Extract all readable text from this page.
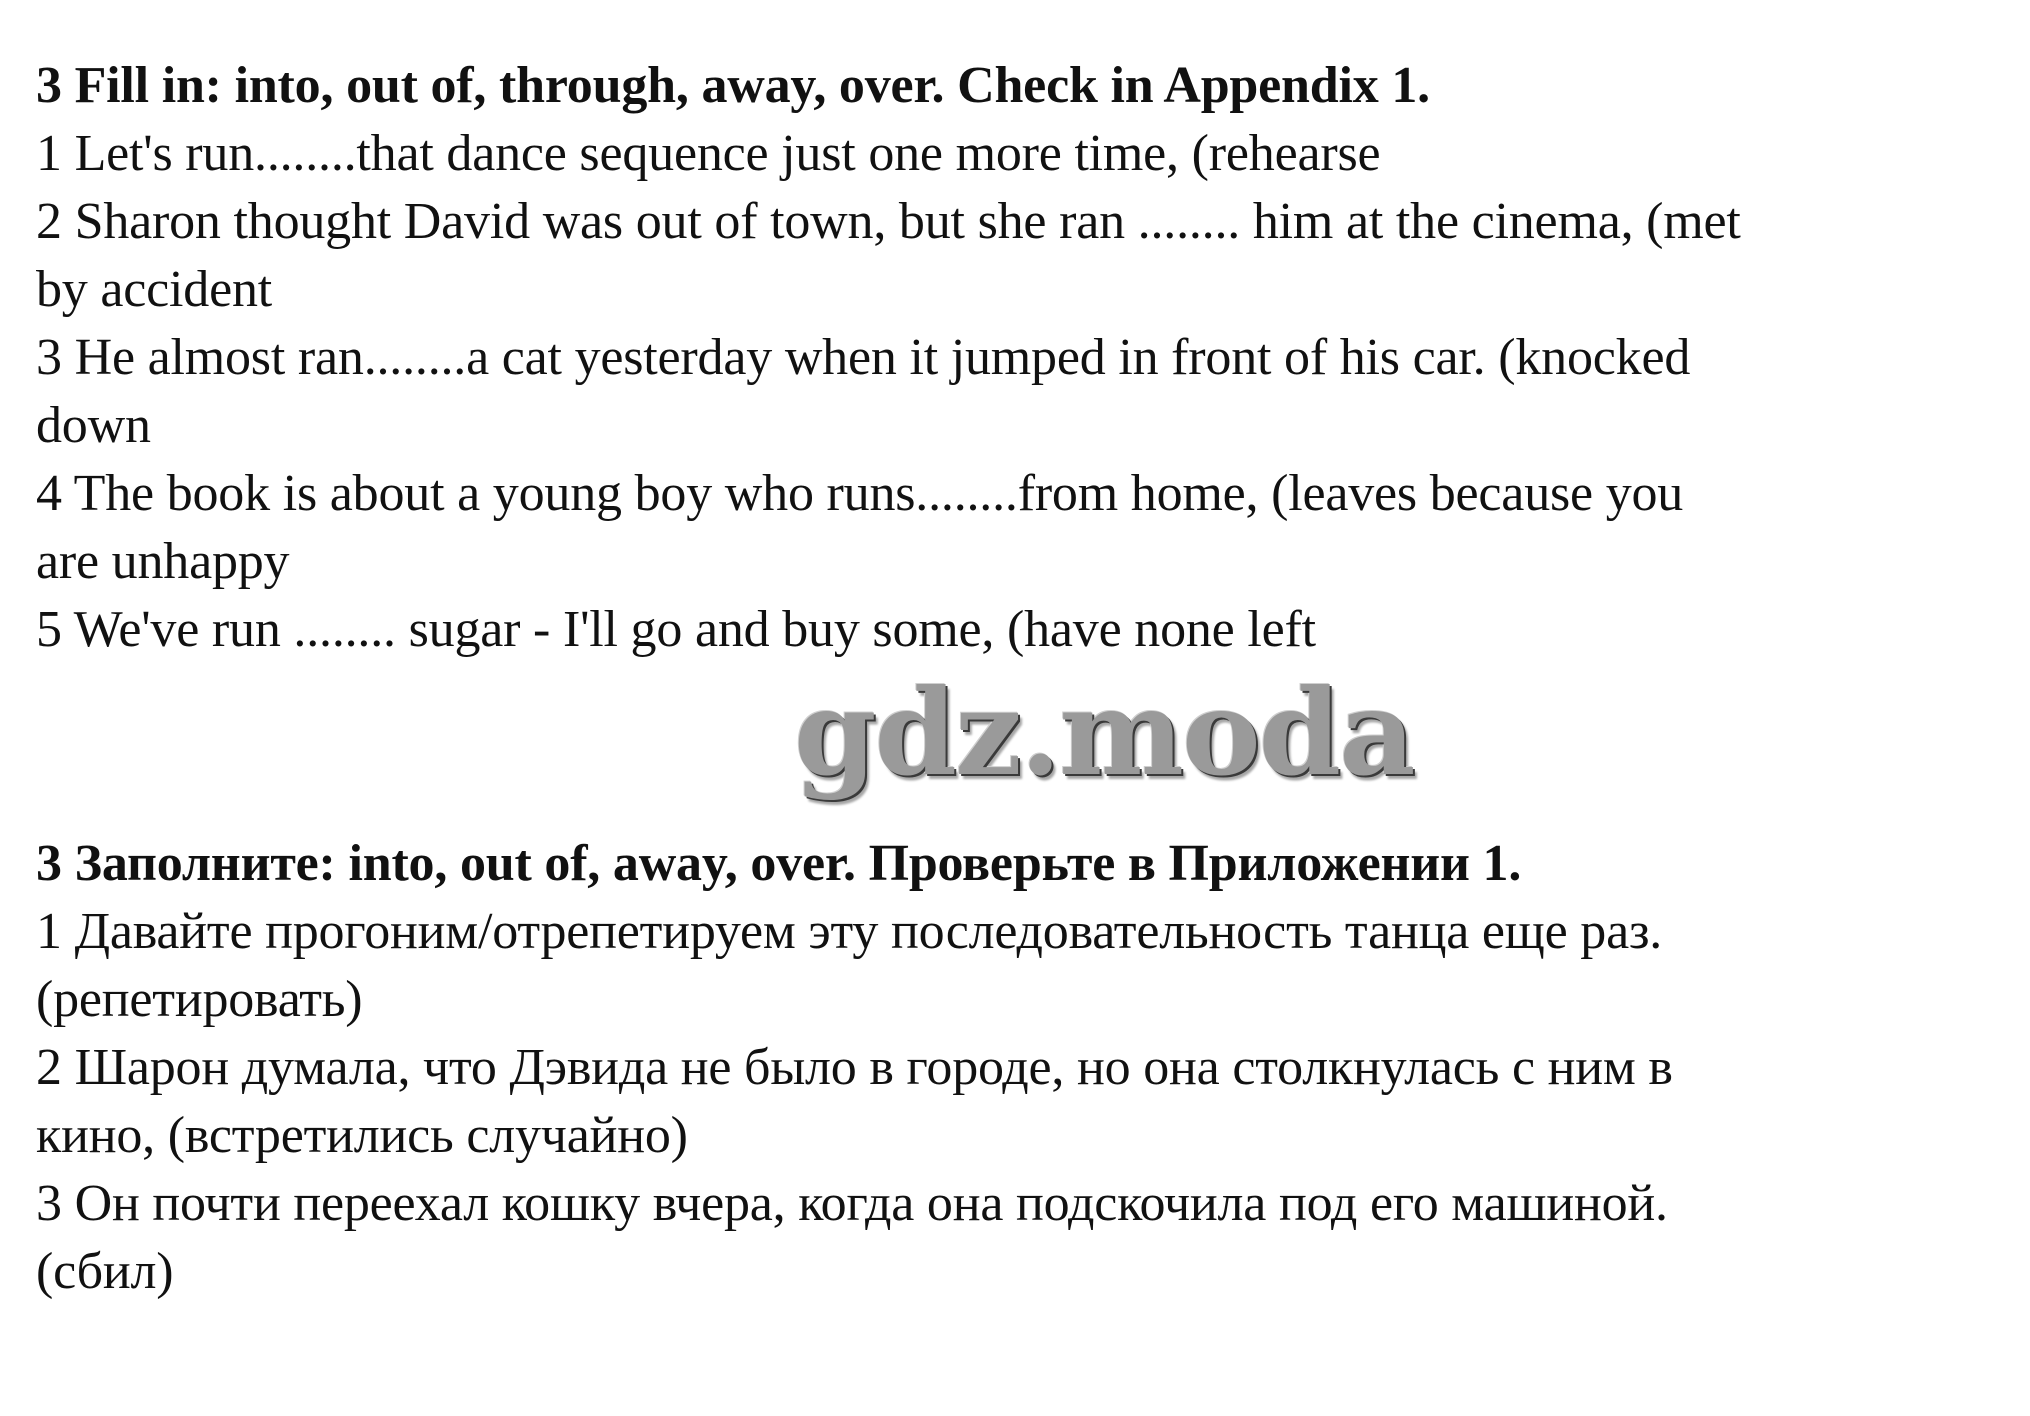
3 Fill in: into, out of, through, away, over. Check in Appendix 1.
1 Let's run........that dance sequence just one more time, (rehearse
2 Sharon thought David was out of town, but she ran ........ him at the cinema, (met
by accident
3 He almost ran........a cat yesterday when it jumped in front of his car. (knocked
down
4 The book is about a young boy who runs........from home, (leaves because you
are unhappy
5 We've run ........ sugar - I'll go and buy some, (have none left
gdz.moda
3 Заполните: into, out of, away, over. Проверьте в Приложении 1.
1 Давайте прогоним/отрепетируем эту последовательность танца еще раз.
(репетировать)
2 Шарон думала, что Дэвида не было в городе, но она столкнулась с ним в
кино, (встретились случайно)
3 Он почти переехал кошку вчера, когда она подскочила под его машиной.
(сбил)
